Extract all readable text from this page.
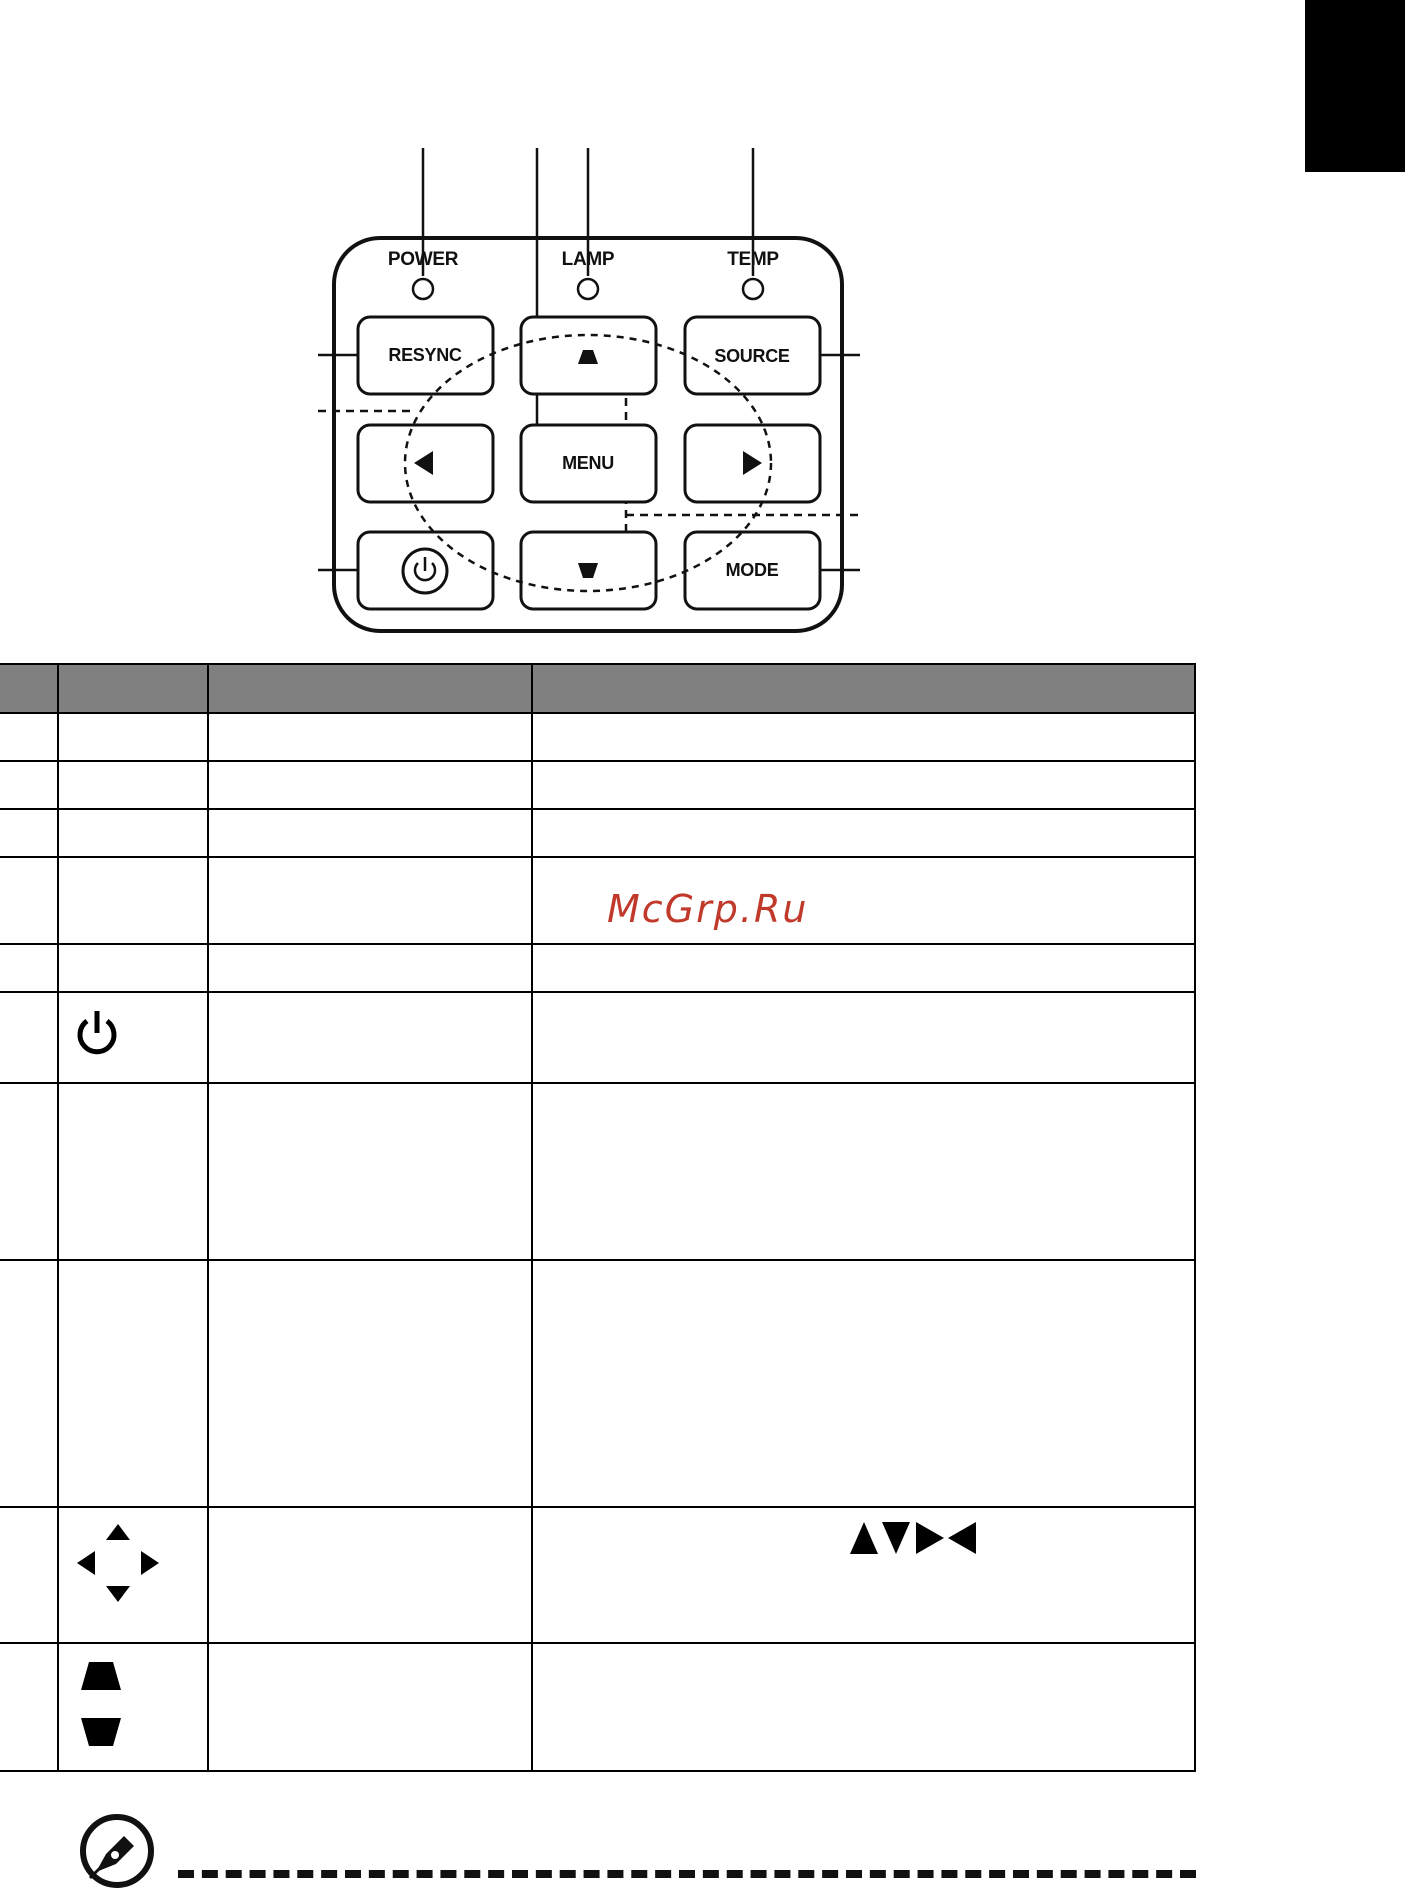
POWER	LAMP	TEMP
RESYNC	SOURCE
MENU
MODE

McGrp.Ru
